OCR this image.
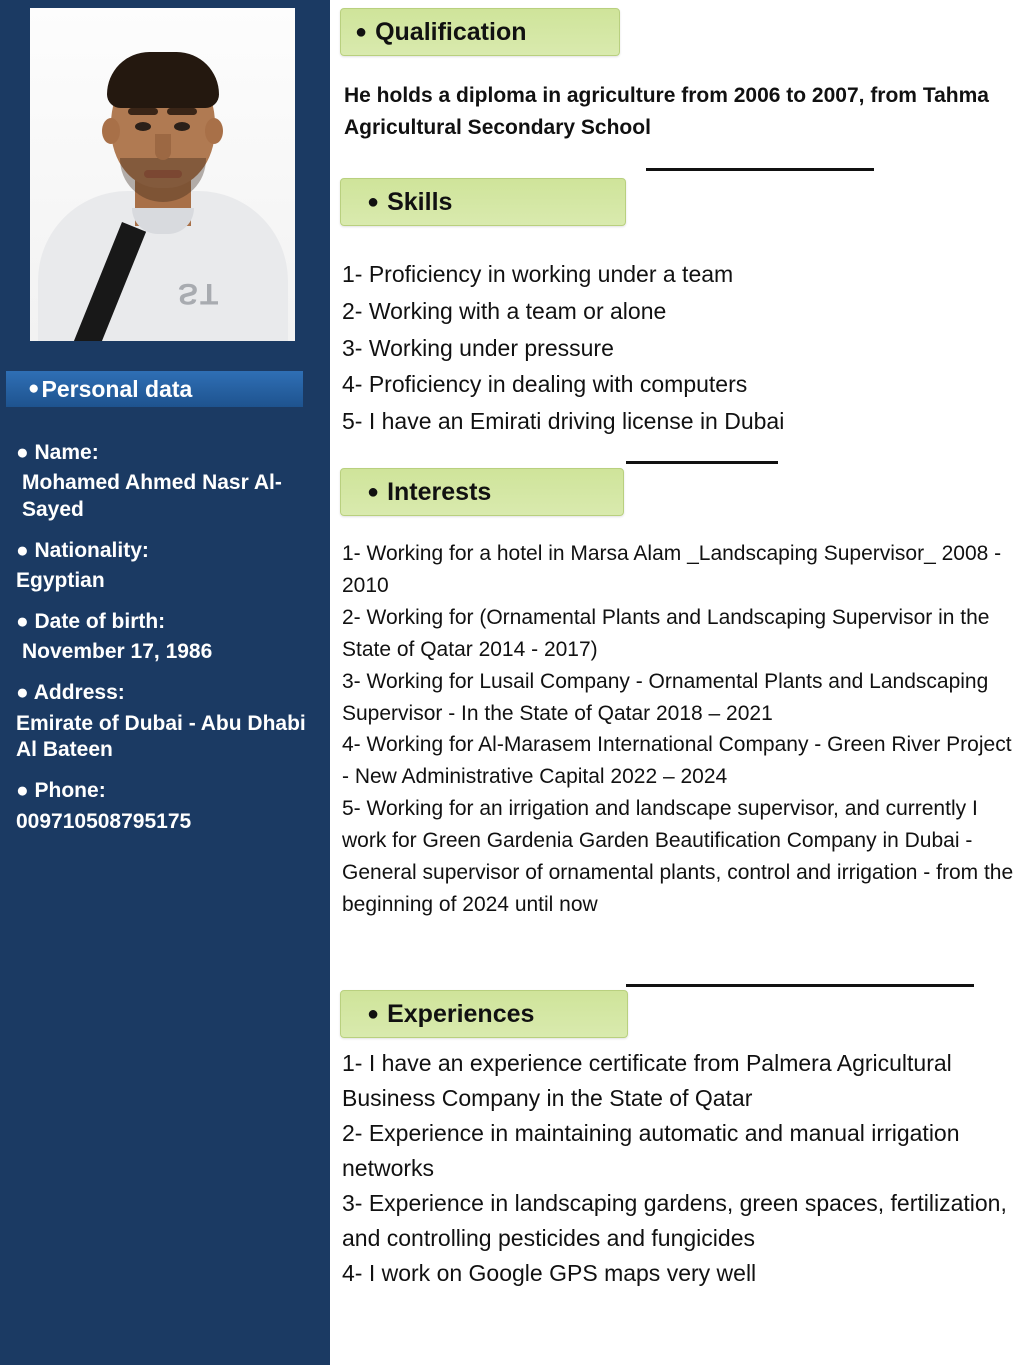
ST
● Personal data

● Name:

Mohamed Ahmed Nasr Al-Sayed

● Nationality:

Egyptian

● Date of birth:

November 17, 1986

● Address:

Emirate of Dubai - Abu Dhabi Al Bateen

● Phone:

009710508795175

● Qualification
He holds a diploma in agriculture from 2006 to 2007, from Tahma Agricultural Secondary School
● Skills
1- Proficiency in working under a team
2- Working with a team or alone
3- Working under pressure
4- Proficiency in dealing with computers
5- I have an Emirati driving license in Dubai
● Interests
1- Working for a hotel in Marsa Alam _Landscaping Supervisor_ 2008 - 2010
2- Working for (Ornamental Plants and Landscaping Supervisor in the State of Qatar 2014 - 2017)
3- Working for Lusail Company - Ornamental Plants and Landscaping Supervisor - In the State of Qatar 2018 – 2021
4- Working for Al-Marasem International Company - Green River Project - New Administrative Capital 2022 – 2024
5- Working for an irrigation and landscape supervisor, and currently I work for Green Gardenia Garden Beautification Company in Dubai - General supervisor of ornamental plants, control and irrigation - from the beginning of 2024 until now
● Experiences
1- I have an experience certificate from Palmera Agricultural Business Company in the State of Qatar
2- Experience in maintaining automatic and manual irrigation networks
3- Experience in landscaping gardens, green spaces, fertilization, and controlling pesticides and fungicides
4- I work on Google GPS maps very well
